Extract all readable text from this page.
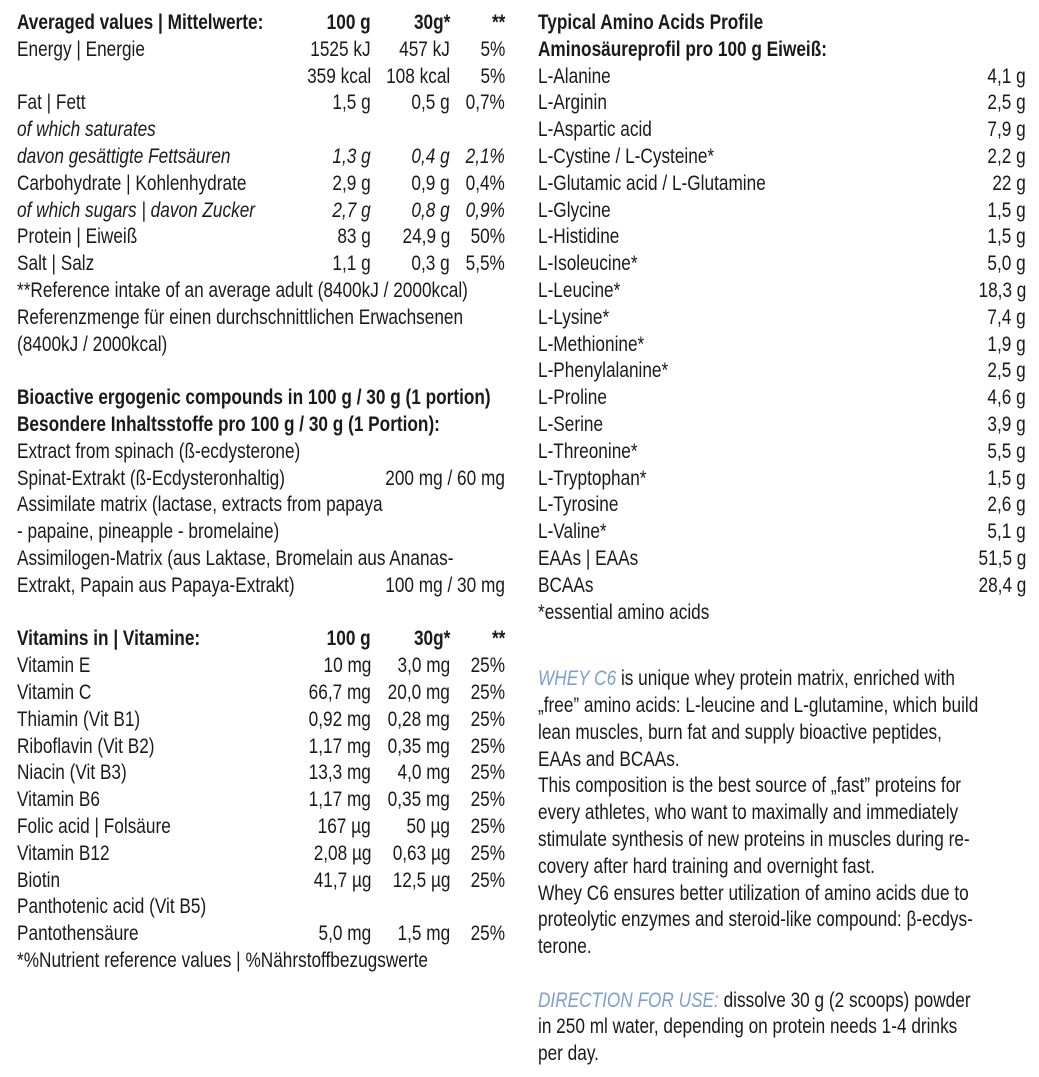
Averaged values | Mittelwerte:	100 g 30g* **
Energy | Energie	1525 kJ 457 kJ 5%
359 kcal 108 kcal 5%
Fat | Fett	1,5 g 0,5 g 0,7%
of which saturates
davon gesättigte Fettsäuren	1,3 g 0,4 g 2,1%
Carbohydrate | Kohlenhydrate	2,9 g 0,9 g 0,4%
of which sugars | davon Zucker	2,7 g 0,8 g 0,9%
Protein | Eiweiß	83 g 24,9 g 50%
Salt | Salz	1,1 g 0,3 g 5,5%
**Reference intake of an average adult (8400kJ / 2000kcal)
Referenzmenge für einen durchschnittlichen Erwachsenen
(8400kJ / 2000kcal)
Bioactive ergogenic compounds in 100 g / 30 g (1 portion)
Besondere Inhaltsstoffe pro 100 g / 30 g (1 Portion):
Extract from spinach (ß-ecdysterone)
Spinat-Extrakt (ß-Ecdysteronhaltig)	200 mg / 60 mg
Assimilate matrix (lactase, extracts from papaya
- papaine, pineapple - bromelaine)
Assimilogen-Matrix (aus Laktase, Bromelain aus Ananas-
Extrakt, Papain aus Papaya-Extrakt)	100 mg / 30 mg
Vitamins in | Vitamine:	100 g 30g* **
Vitamin E	10 mg 3,0 mg 25%
Vitamin C	66,7 mg 20,0 mg 25%
Thiamin (Vit B1)	0,92 mg 0,28 mg 25%
Riboflavin (Vit B2)	1,17 mg 0,35 mg 25%
Niacin (Vit B3)	13,3 mg 4,0 mg 25%
Vitamin B6	1,17 mg 0,35 mg 25%
Folic acid | Folsäure	167 µg 50 µg 25%
Vitamin B12	2,08 µg 0,63 µg 25%
Biotin	41,7 µg 12,5 µg 25%
Panthotenic acid (Vit B5)
Pantothensäure	5,0 mg 1,5 mg 25%
*%Nutrient reference values | %Nährstoffbezugswerte
Typical Amino Acids Profile
Aminosäureprofil pro 100 g Eiweiß:
L-Alanine	4,1 g
L-Arginin	2,5 g
L-Aspartic acid	7,9 g
L-Cystine / L-Cysteine*	2,2 g
L-Glutamic acid / L-Glutamine	22 g
L-Glycine	1,5 g
L-Histidine	1,5 g
L-Isoleucine*	5,0 g
L-Leucine*	18,3 g
L-Lysine*	7,4 g
L-Methionine*	1,9 g
L-Phenylalanine*	2,5 g
L-Proline	4,6 g
L-Serine	3,9 g
L-Threonine*	5,5 g
L-Tryptophan*	1,5 g
L-Tyrosine	2,6 g
L-Valine*	5,1 g
EAAs | EAAs	51,5 g
BCAAs	28,4 g
*essential amino acids
WHEY C6 is unique whey protein matrix, enriched with
„free” amino acids: L-leucine and L-glutamine, which build
lean muscles, burn fat and supply bioactive peptides,
EAAs and BCAAs.
This composition is the best source of „fast” proteins for
every athletes, who want to maximally and immediately
stimulate synthesis of new proteins in muscles during re-
covery after hard training and overnight fast.
Whey C6 ensures better utilization of amino acids due to
proteolytic enzymes and steroid-like compound: β-ecdys-
terone.
DIRECTION FOR USE: dissolve 30 g (2 scoops) powder
in 250 ml water, depending on protein needs 1-4 drinks
per day.
